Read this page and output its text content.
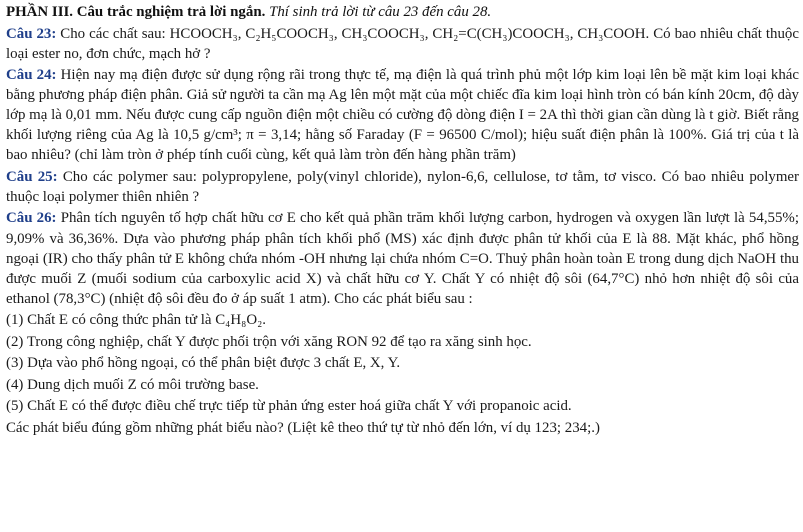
PHẦN III. Câu trắc nghiệm trả lời ngắn. Thí sinh trả lời từ câu 23 đến câu 28.

Câu 23: Cho các chất sau: HCOOCH₃, C₂H₅COOCH₃, CH₃COOCH₃, CH₂=C(CH₃)COOCH₃, CH₃COOH. Có bao nhiêu chất thuộc loại ester no, đơn chức, mạch hở ?

Câu 24: Hiện nay mạ điện được sử dụng rộng rãi trong thực tế, mạ điện là quá trình phủ một lớp kim loại lên bề mặt kim loại khác bằng phương pháp điện phân. Giả sử người ta cần mạ Ag lên một mặt của một chiếc đĩa kim loại hình tròn có bán kính 20cm, độ dày lớp mạ là 0,01 mm. Nếu được cung cấp nguồn điện một chiều có cường độ dòng điện I = 2A thì thời gian cần dùng là t giờ. Biết rằng khối lượng riêng của Ag là 10,5 g/cm³; π = 3,14; hằng số Faraday (F = 96500 C/mol); hiệu suất điện phân là 100%. Giá trị của t là bao nhiêu? (chỉ làm tròn ở phép tính cuối cùng, kết quả làm tròn đến hàng phần trăm)

Câu 25: Cho các polymer sau: polypropylene, poly(vinyl chloride), nylon-6,6, cellulose, tơ tằm, tơ visco. Có bao nhiêu polymer thuộc loại polymer thiên nhiên ?

Câu 26: Phân tích nguyên tố hợp chất hữu cơ E cho kết quả phần trăm khối lượng carbon, hydrogen và oxygen lần lượt là 54,55%; 9,09% và 36,36%. Dựa vào phương pháp phân tích khối phổ (MS) xác định được phân tử khối của E là 88. Mặt khác, phổ hồng ngoại (IR) cho thấy phân tử E không chứa nhóm -OH nhưng lại chứa nhóm C=O. Thuỷ phân hoàn toàn E trong dung dịch NaOH thu được muối Z (muối sodium của carboxylic acid X) và chất hữu cơ Y. Chất Y có nhiệt độ sôi (64,7°C) nhỏ hơn nhiệt độ sôi của ethanol (78,3°C) (nhiệt độ sôi đều đo ở áp suất 1 atm). Cho các phát biểu sau :

(1) Chất E có công thức phân tử là C₄H₈O₂.

(2) Trong công nghiệp, chất Y được phối trộn với xăng RON 92 để tạo ra xăng sinh học.

(3) Dựa vào phổ hồng ngoại, có thể phân biệt được 3 chất E, X, Y.

(4) Dung dịch muối Z có môi trường base.

(5) Chất E có thể được điều chế trực tiếp từ phản ứng ester hoá giữa chất Y với propanoic acid.

Các phát biểu đúng gồm những phát biểu nào? (Liệt kê theo thứ tự từ nhỏ đến lớn, ví dụ 123; 234;.)
